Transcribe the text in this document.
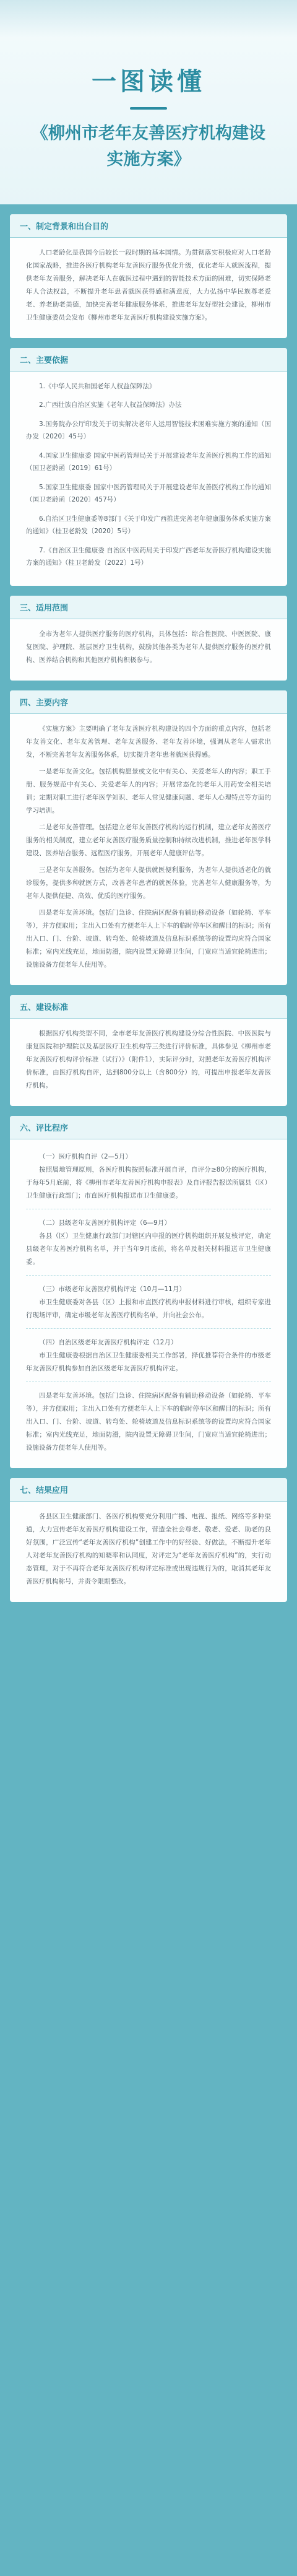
一图读懂
《柳州市老年友善医疗机构建设实施方案》
一、制定背景和出台目的

人口老龄化是我国今后较长一段时期的基本国情。为贯彻落实积极应对人口老龄化国家战略，推进各医疗机构老年友善医疗服务优化升级，优化老年人就医流程，提供老年友善服务，解决老年人在就医过程中遇到的智能技术方面的困难，切实保障老年人合法权益，不断提升老年患者就医获得感和满意度，大力弘扬中华民族尊老爱老、养老助老美德，加快完善老年健康服务体系，推进老年友好型社会建设，柳州市卫生健康委员会发布《柳州市老年友善医疗机构建设实施方案》。

二、主要依据

1.《中华人民共和国老年人权益保障法》

2.广西壮族自治区实施《老年人权益保障法》办法

3.国务院办公厅印发关于切实解决老年人运用智能技术困难实施方案的通知（国办发〔2020〕45号）

4.国家卫生健康委 国家中医药管理局关于开展建设老年友善医疗机构工作的通知（国卫老龄函〔2019〕61号）

5.国家卫生健康委 国家中医药管理局关于开展建设老年友善医疗机构工作的通知（国卫老龄函〔2020〕457号）

6.自治区卫生健康委等8部门《关于印发广西推进完善老年健康服务体系实施方案的通知》（桂卫老龄发〔2020〕5号）

7.《自治区卫生健康委 自治区中医药局关于印发广西老年友善医疗机构建设实施方案的通知》（桂卫老龄发〔2022〕1号）

三、适用范围

全市为老年人提供医疗服务的医疗机构，具体包括：综合性医院、中医医院、康复医院、护理院、基层医疗卫生机构，鼓励其他各类为老年人提供医疗服务的医疗机构、医养结合机构和其他医疗机构积极参与。

四、主要内容

《实施方案》主要明确了老年友善医疗机构建设的四个方面的重点内容，包括老年友善文化、老年友善管理、老年友善服务、老年友善环境，强调从老年人需求出发，不断完善老年友善服务体系，切实提升老年患者就医获得感。

一是老年友善文化。包括机构愿景或文化中有关心、关爱老年人的内容；职工手册、服务规范中有关心、关爱老年人的内容；开展常态化的老年人用药安全相关培训；定期对职工进行老年医学知识、老年人常见健康问题、老年人心理特点等方面的学习培训。

二是老年友善管理。包括建立老年友善医疗机构的运行机制，建立老年友善医疗服务的相关制度，建立老年友善医疗服务质量控制和持续改进机制，推进老年医学科建设、医养结合服务、远程医疗服务，开展老年人健康评估等。

三是老年友善服务。包括为老年人提供就医便利服务，为老年人提供适老化的就诊服务，提供多种就医方式，改善老年患者的就医体验，完善老年人健康服务等，为老年人提供便捷、高效、优质的医疗服务。

四是老年友善环境。包括门急诊、住院病区配备有辅助移动设备（如轮椅、平车等），并方便取用；主出入口处有方便老年人上下车的临时停车区和醒目的标识；所有出入口、门、台阶、坡道、转弯处、轮椅坡道及信息标识系统等的设置均应符合国家标准；室内光线充足，地面防滑，院内设置无障碍卫生间，门宽应当适宜轮椅进出；设施设备方便老年人使用等。

五、建设标准

根据医疗机构类型不同，全市老年友善医疗机构建设分综合性医院、中医医院与康复医院和护理院以及基层医疗卫生机构等三类进行评价标准，具体参见《柳州市老年友善医疗机构评价标准（试行）》（附件1），实际评分时，对照老年友善医疗机构评价标准，由医疗机构自评，达到800分以上（含800分）的，可提出申报老年友善医疗机构。

六、评比程序

（一）医疗机构自评（2—5月）

按照属地管理原则，各医疗机构按照标准开展自评，自评分≥80分的医疗机构，于每年5月底前，将《柳州市老年友善医疗机构申报表》及自评报告报送所属县（区）卫生健康行政部门；市直医疗机构报送市卫生健康委。

（二）县级老年友善医疗机构评定（6—9月）

各县（区）卫生健康行政部门对辖区内申报的医疗机构组织开展复核评定，确定县级老年友善医疗机构名单，并于当年9月底前，将名单及相关材料报送市卫生健康委。

（三）市级老年友善医疗机构评定（10月—11月）

市卫生健康委对各县（区）上报和市直医疗机构申报材料进行审核，组织专家进行现场评审，确定市级老年友善医疗机构名单，并向社会公布。

（四）自治区级老年友善医疗机构评定（12月）

市卫生健康委根据自治区卫生健康委相关工作部署，择优推荐符合条件的市级老年友善医疗机构参加自治区级老年友善医疗机构评定。

四是老年友善环境。包括门急诊、住院病区配备有辅助移动设备（如轮椅、平车等），并方便取用；主出入口处有方便老年人上下车的临时停车区和醒目的标识；所有出入口、门、台阶、坡道、转弯处、轮椅坡道及信息标识系统等的设置均应符合国家标准；室内光线充足，地面防滑，院内设置无障碍卫生间，门宽应当适宜轮椅进出；设施设备方便老年人使用等。

七、结果应用

各县区卫生健康部门、各医疗机构要充分利用广播、电视、报纸、网络等多种渠道，大力宣传老年友善医疗机构建设工作，营造全社会尊老、敬老、爱老、助老的良好氛围，广泛宣传“老年友善医疗机构”创建工作中的好经验、好做法，不断提升老年人对老年友善医疗机构的知晓率和认同度，对评定为“老年友善医疗机构”的，实行动态管理，对于不再符合老年友善医疗机构评定标准或出现违规行为的，取消其老年友善医疗机构称号，并责令限期整改。
